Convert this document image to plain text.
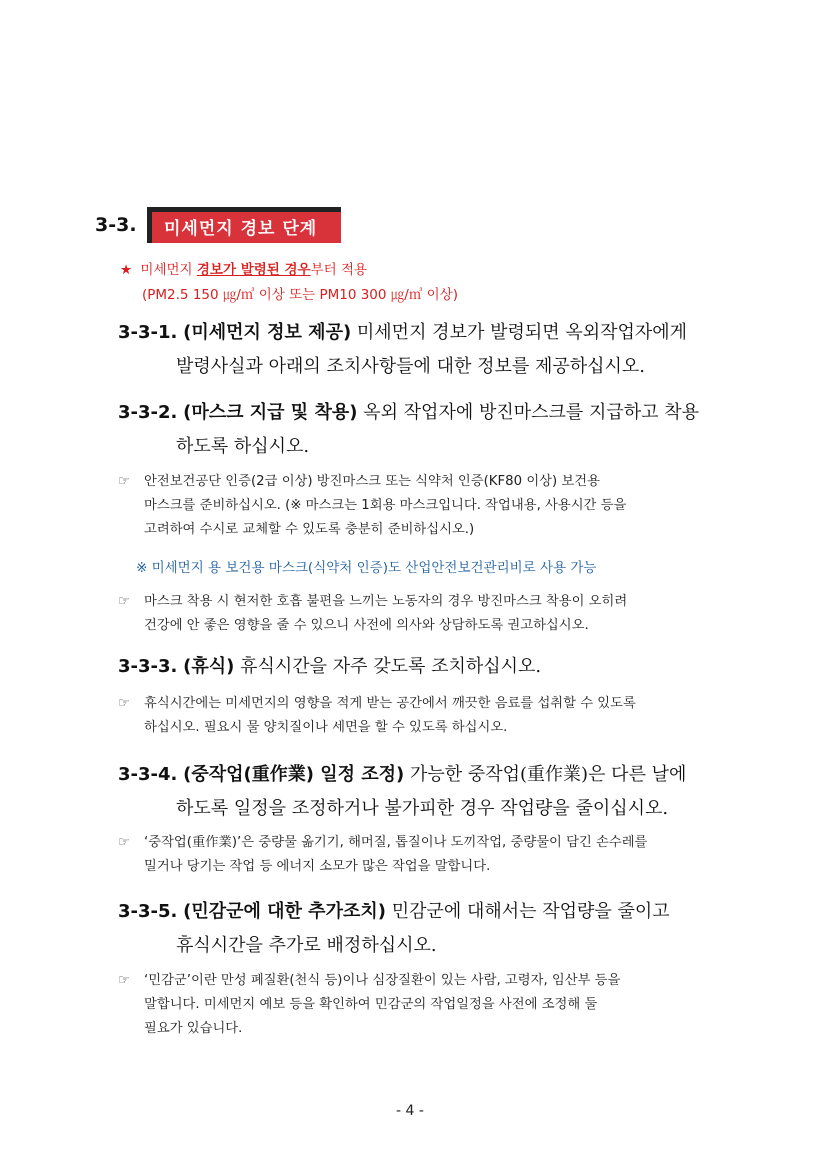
3-3.	미세먼지 경보 단계
★ 미세먼지 경보가 발령된 경우부터 적용
(PM2.5 150 ㎍/㎥ 이상 또는 PM10 300 ㎍/㎥ 이상)
3-3-1. (미세먼지 정보 제공) 미세먼지 경보가 발령되면 옥외작업자에게
발령사실과 아래의 조치사항들에 대한 정보를 제공하십시오.
3-3-2. (마스크 지급 및 착용) 옥외 작업자에 방진마스크를 지급하고 착용
하도록 하십시오.
☞ 안전보건공단 인증(2급 이상) 방진마스크 또는 식약처 인증(KF80 이상) 보건용
마스크를 준비하십시오. (※ 마스크는 1회용 마스크입니다. 작업내용, 사용시간 등을
고려하여 수시로 교체할 수 있도록 충분히 준비하십시오.)
※ 미세먼지 용 보건용 마스크(식약처 인증)도 산업안전보건관리비로 사용 가능
☞ 마스크 착용 시 현저한 호흡 불편을 느끼는 노동자의 경우 방진마스크 착용이 오히려
건강에 안 좋은 영향을 줄 수 있으니 사전에 의사와 상담하도록 권고하십시오.
3-3-3. (휴식) 휴식시간을 자주 갖도록 조치하십시오.
☞ 휴식시간에는 미세먼지의 영향을 적게 받는 공간에서 깨끗한 음료를 섭취할 수 있도록
하십시오. 필요시 물 양치질이나 세면을 할 수 있도록 하십시오.
3-3-4. (중작업(重作業) 일정 조정) 가능한 중작업(重作業)은 다른 날에
하도록 일정을 조정하거나 불가피한 경우 작업량을 줄이십시오.
☞ ‘중작업(重作業)’은 중량물 옮기기, 해머질, 톱질이나 도끼작업, 중량물이 담긴 손수레를
밀거나 당기는 작업 등 에너지 소모가 많은 작업을 말합니다.
3-3-5. (민감군에 대한 추가조치) 민감군에 대해서는 작업량을 줄이고
휴식시간을 추가로 배정하십시오.
☞ ‘민감군’이란 만성 폐질환(천식 등)이나 심장질환이 있는 사람, 고령자, 임산부 등을
말합니다. 미세먼지 예보 등을 확인하여 민감군의 작업일정을 사전에 조정해 둘
필요가 있습니다.
- 4 -
